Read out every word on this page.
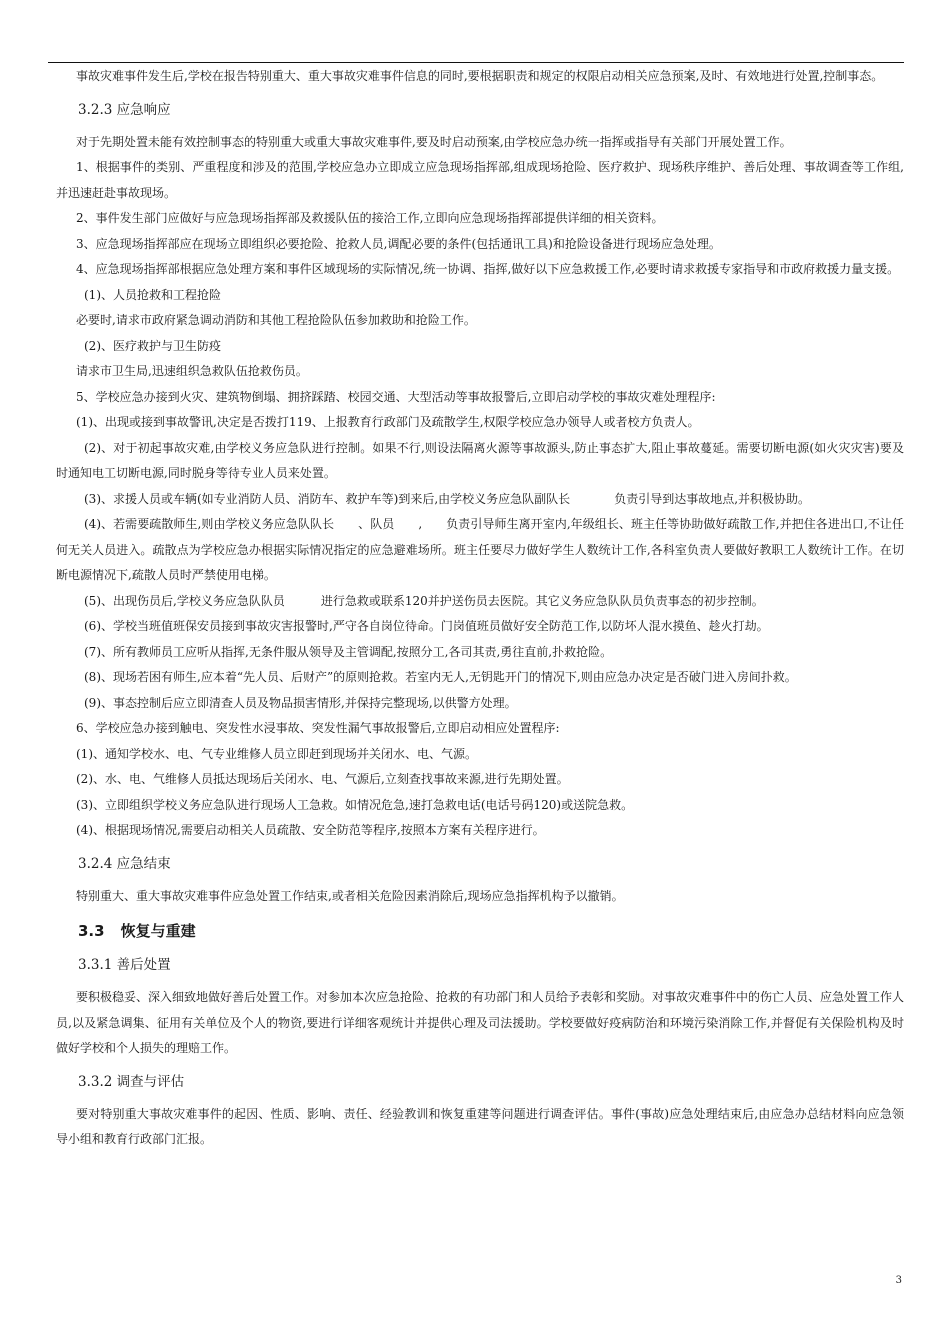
事故灾难事件发生后,学校在报告特别重大、重大事故灾难事件信息的同时,要根据职责和规定的权限启动相关应急预案,及时、有效地进行处置,控制事态。

3.2.3 应急响应

对于先期处置未能有效控制事态的特别重大或重大事故灾难事件,要及时启动预案,由学校应急办统一指挥或指导有关部门开展处置工作。

1、根据事件的类别、严重程度和涉及的范围,学校应急办立即成立应急现场指挥部,组成现场抢险、医疗救护、现场秩序维护、善后处理、事故调查等工作组,并迅速赶赴事故现场。

2、事件发生部门应做好与应急现场指挥部及救援队伍的接洽工作,立即向应急现场指挥部提供详细的相关资料。

3、应急现场指挥部应在现场立即组织必要抢险、抢救人员,调配必要的条件(包括通讯工具)和抢险设备进行现场应急处理。

4、应急现场指挥部根据应急处理方案和事件区域现场的实际情况,统一协调、指挥,做好以下应急救援工作,必要时请求救援专家指导和市政府救援力量支援。

(1)、人员抢救和工程抢险

必要时,请求市政府紧急调动消防和其他工程抢险队伍参加救助和抢险工作。

(2)、医疗救护与卫生防疫

请求市卫生局,迅速组织急救队伍抢救伤员。

5、学校应急办接到火灾、建筑物倒塌、拥挤踩踏、校园交通、大型活动等事故报警后,立即启动学校的事故灾难处理程序:

(1)、出现或接到事故警讯,决定是否拨打119、上报教育行政部门及疏散学生,权限学校应急办领导人或者校方负责人。

(2)、对于初起事故灾难,由学校义务应急队进行控制。如果不行,则设法隔离火源等事故源头,防止事态扩大,阻止事故蔓延。需要切断电源(如火灾灾害)要及时通知电工切断电源,同时脱身等待专业人员来处置。

(3)、求援人员或车辆(如专业消防人员、消防车、救护车等)到来后,由学校义务应急队副队长	负责引导到达事故地点,并积极协助。

(4)、若需要疏散师生,则由学校义务应急队队长 、队员 , 负责引导师生离开室内,年级组长、班主任等协助做好疏散工作,并把住各进出口,不让任何无关人员进入。疏散点为学校应急办根据实际情况指定的应急避难场所。班主任要尽力做好学生人数统计工作,各科室负责人要做好教职工人数统计工作。在切断电源情况下,疏散人员时严禁使用电梯。

(5)、出现伤员后,学校义务应急队队员	进行急救或联系120并护送伤员去医院。其它义务应急队队员负责事态的初步控制。

(6)、学校当班值班保安员接到事故灾害报警时,严守各自岗位待命。门岗值班员做好安全防范工作,以防坏人混水摸鱼、趁火打劫。

(7)、所有教师员工应听从指挥,无条件服从领导及主管调配,按照分工,各司其责,勇往直前,扑救抢险。

(8)、现场若困有师生,应本着“先人员、后财产”的原则抢救。若室内无人,无钥匙开门的情况下,则由应急办决定是否破门进入房间扑救。

(9)、事态控制后应立即清查人员及物品损害情形,并保持完整现场,以供警方处理。

6、学校应急办接到触电、突发性水浸事故、突发性漏气事故报警后,立即启动相应处置程序:

(1)、通知学校水、电、气专业维修人员立即赶到现场并关闭水、电、气源。

(2)、水、电、气维修人员抵达现场后关闭水、电、气源后,立刻查找事故来源,进行先期处置。

(3)、立即组织学校义务应急队进行现场人工急救。如情况危急,速打急救电话(电话号码120)或送院急救。

(4)、根据现场情况,需要启动相关人员疏散、安全防范等程序,按照本方案有关程序进行。

3.2.4 应急结束

特别重大、重大事故灾难事件应急处置工作结束,或者相关危险因素消除后,现场应急指挥机构予以撤销。

3.3 恢复与重建
3.3.1 善后处置

要积极稳妥、深入细致地做好善后处置工作。对参加本次应急抢险、抢救的有功部门和人员给予表彰和奖励。对事故灾难事件中的伤亡人员、应急处置工作人员,以及紧急调集、征用有关单位及个人的物资,要进行详细客观统计并提供心理及司法援助。学校要做好疫病防治和环境污染消除工作,并督促有关保险机构及时做好学校和个人损失的理赔工作。

3.3.2 调查与评估

要对特别重大事故灾难事件的起因、性质、影响、责任、经验教训和恢复重建等问题进行调查评估。事件(事故)应急处理结束后,由应急办总结材料向应急领导小组和教育行政部门汇报。

3
